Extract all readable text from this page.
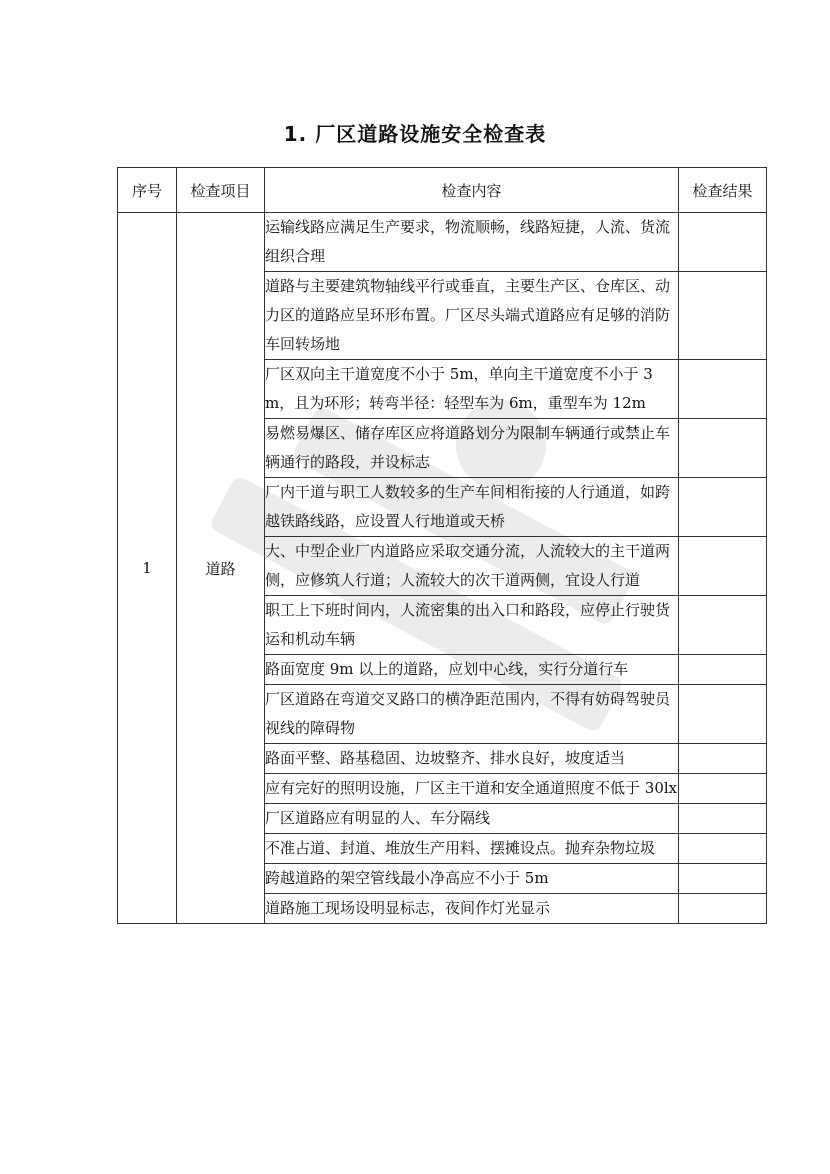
1. 厂区道路设施安全检查表
序号	检查项目	检查内容	检查结果
1	道路	运输线路应满足生产要求，物流顺畅，线路短捷，人流、货流组织合理	
		道路与主要建筑物轴线平行或垂直，主要生产区、仓库区、动力区的道路应呈环形布置。厂区尽头端式道路应有足够的消防车回转场地	
		厂区双向主干道宽度不小于 5m，单向主干道宽度不小于 3m，且为环形；转弯半径：轻型车为 6m，重型车为 12m	
		易燃易爆区、储存库区应将道路划分为限制车辆通行或禁止车辆通行的路段，并设标志	
		厂内干道与职工人数较多的生产车间相衔接的人行通道，如跨越铁路线路，应设置人行地道或天桥	
		大、中型企业厂内道路应采取交通分流，人流较大的主干道两侧，应修筑人行道；人流较大的次干道两侧，宜设人行道	
		职工上下班时间内，人流密集的出入口和路段，应停止行驶货运和机动车辆	
		路面宽度 9m 以上的道路，应划中心线，实行分道行车	
		厂区道路在弯道交叉路口的横净距范围内，不得有妨碍驾驶员视线的障碍物	
		路面平整、路基稳固、边坡整齐、排水良好，坡度适当	
		应有完好的照明设施，厂区主干道和安全通道照度不低于 30lx	
		厂区道路应有明显的人、车分隔线	
		不准占道、封道、堆放生产用料、摆摊设点。抛弃杂物垃圾	
		跨越道路的架空管线最小净高应不小于 5m	
		道路施工现场设明显标志，夜间作灯光显示	
